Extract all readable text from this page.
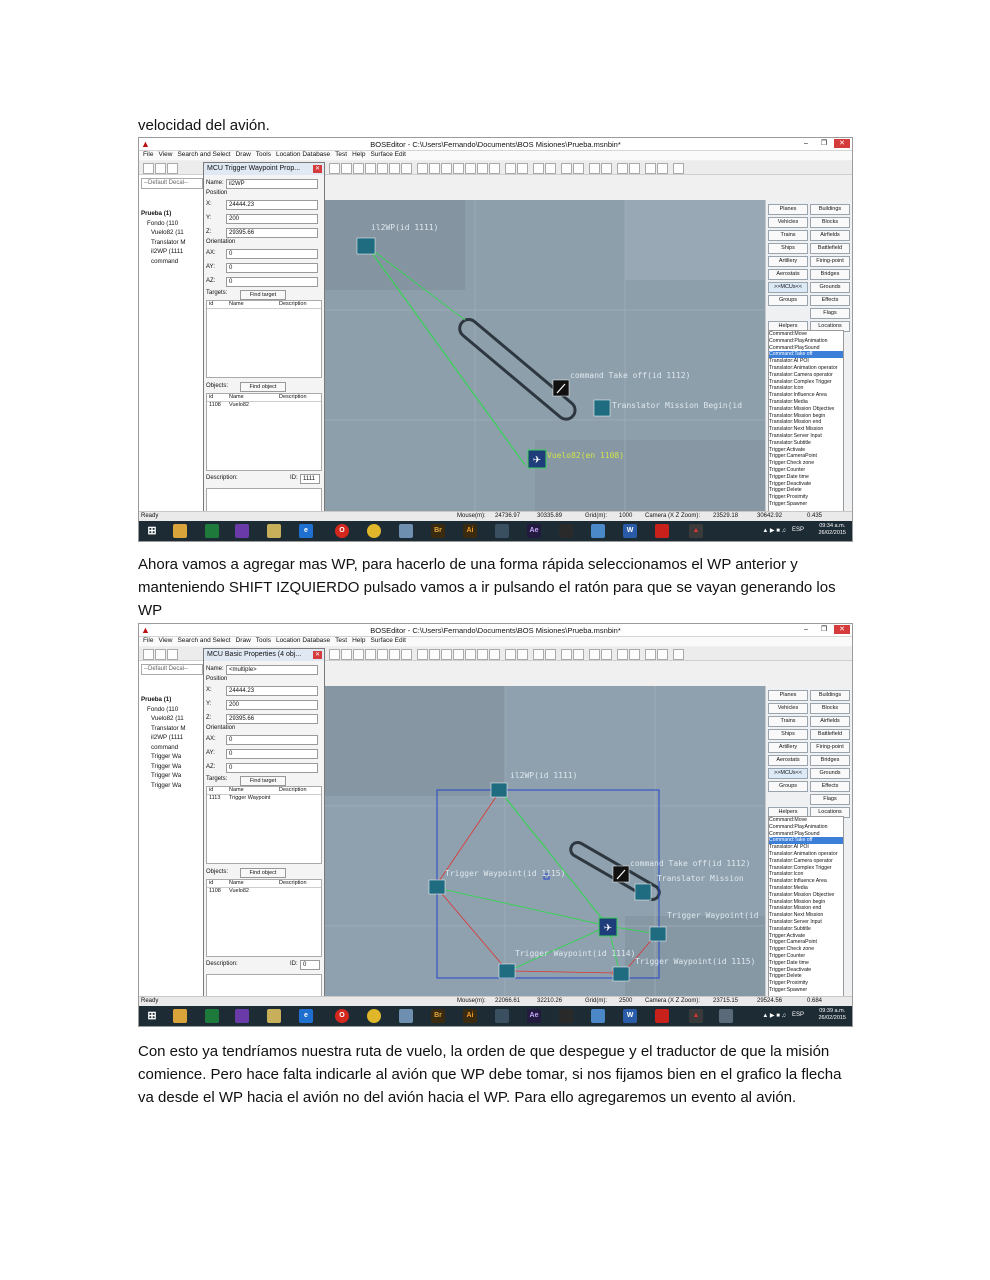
velocidad del avión.

▲	BOSEditor - C:\Users\Fernando\Documents\BOS Misiones\Prueba.msnbin*	–	❐	✕
File View Search and Select Draw Tools Location Database Test Help Surface Edit
--Default Decal--
Prueba (1)
Fondo (110
Vuelo82 (11
Translator M
il2WP (1111
command
MCU Trigger Waypoint Prop...	✕
Name: il2WP
Position
X:	24444.23
Y:	200
Z:	29395.66
Orientation
AX:	0
AY:	0
AZ:	0
Targets:	Find target
id	Name	Description
Objects:	Find object
id	Name	Description
1108	Vuelo82
Description:	ID: 1111
✈
il2WP(id 1111)
command Take off(id 1112)
Translator Mission Begin(id
Vuelo82(en 1108)
Planes	Buildings
Vehicles	Blocks
Trains	Airfields
Ships	Battlefield
Artillery	Firing-point
Aerostats	Bridges
>>MCUs<<	Grounds
Groups	Effects
Flags
Helpers	Locations
Command:Move
Command:PlayAnimation
Command:PlaySound
Command:Take off
Translator:AI POI
Translator:Animation operator
Translator:Camera operator
Translator:Complex Trigger
Translator:Icon
Translator:Influence Area
Translator:Media
Translator:Mission Objective
Translator:Mission begin
Translator:Mission end
Translator:Next Mission
Translator:Server Input
Translator:Subtitle
Trigger:Activate
Trigger:CameraPoint
Trigger:Check zone
Trigger:Counter
Trigger:Date time
Trigger:Deactivate
Trigger:Delete
Trigger:Proximity
Trigger:Spawner
Ready	Mouse(m): 24736.97	30335.89	Grid(m): 1000 Camera (X Z Zoom): 23529.18	30642.92	0.435
⊞	e	O	Br	Ai	Ae	W	▲	▲ ▶ ■ ♫ ESP
09:34 a.m.
26/02/2015

Ahora vamos a agregar mas WP, para hacerlo de una forma rápida seleccionamos el WP anterior y manteniendo SHIFT IZQUIERDO pulsado vamos a ir pulsando el ratón para que se vayan generando los WP

▲	BOSEditor - C:\Users\Fernando\Documents\BOS Misiones\Prueba.msnbin*	–	❐	✕
File View Search and Select Draw Tools Location Database Test Help Surface Edit
--Default Decal--
Prueba (1)
Fondo (110
Vuelo82 (11
Translator M
il2WP (1111
command
Trigger Wa
Trigger Wa
Trigger Wa
Trigger Wa
MCU Basic Properties (4 obj...	✕
Name: <multiple>
Position
X:	24444.23
Y:	200
Z:	29395.66
Orientation
AX:	0
AY:	0
AZ:	0
Targets:	Find target
id	Name	Description
1113	Trigger Waypoint
Objects:	Find object
id	Name	Description
1108	Vuelo82
Description:	ID: 0
✈
il2WP(id 1111)
command Take off(id 1112)
Translator Mission
Trigger Waypoint(id 1115)
Trigger Waypoint(id
Trigger Waypoint(id 1114)
Trigger Waypoint(id 1115)
Planes	Buildings
Vehicles	Blocks
Trains	Airfields
Ships	Battlefield
Artillery	Firing-point
Aerostats	Bridges
>>MCUs<<	Grounds
Groups	Effects
Flags
Helpers	Locations
Command:Move
Command:PlayAnimation
Command:PlaySound
Command:Take off
Translator:AI POI
Translator:Animation operator
Translator:Camera operator
Translator:Complex Trigger
Translator:Icon
Translator:Influence Area
Translator:Media
Translator:Mission Objective
Translator:Mission begin
Translator:Mission end
Translator:Next Mission
Translator:Server Input
Translator:Subtitle
Trigger:Activate
Trigger:CameraPoint
Trigger:Check zone
Trigger:Counter
Trigger:Date time
Trigger:Deactivate
Trigger:Delete
Trigger:Proximity
Trigger:Spawner
Ready	Mouse(m): 22066.61	32210.26	Grid(m): 2500 Camera (X Z Zoom): 23715.15	29524.56	0.684
⊞	e	O	Br	Ai	Ae	W	▲	▲ ▶ ■ ♫ ESP
09:39 a.m.
26/02/2015

Con esto ya tendríamos nuestra ruta de vuelo, la orden de que despegue y el traductor de que la misión comience. Pero hace falta indicarle al avión que WP debe tomar, si nos fijamos bien en el grafico la flecha va desde el WP hacia el avión no del avión hacia el WP. Para ello agregaremos un evento al avión.
